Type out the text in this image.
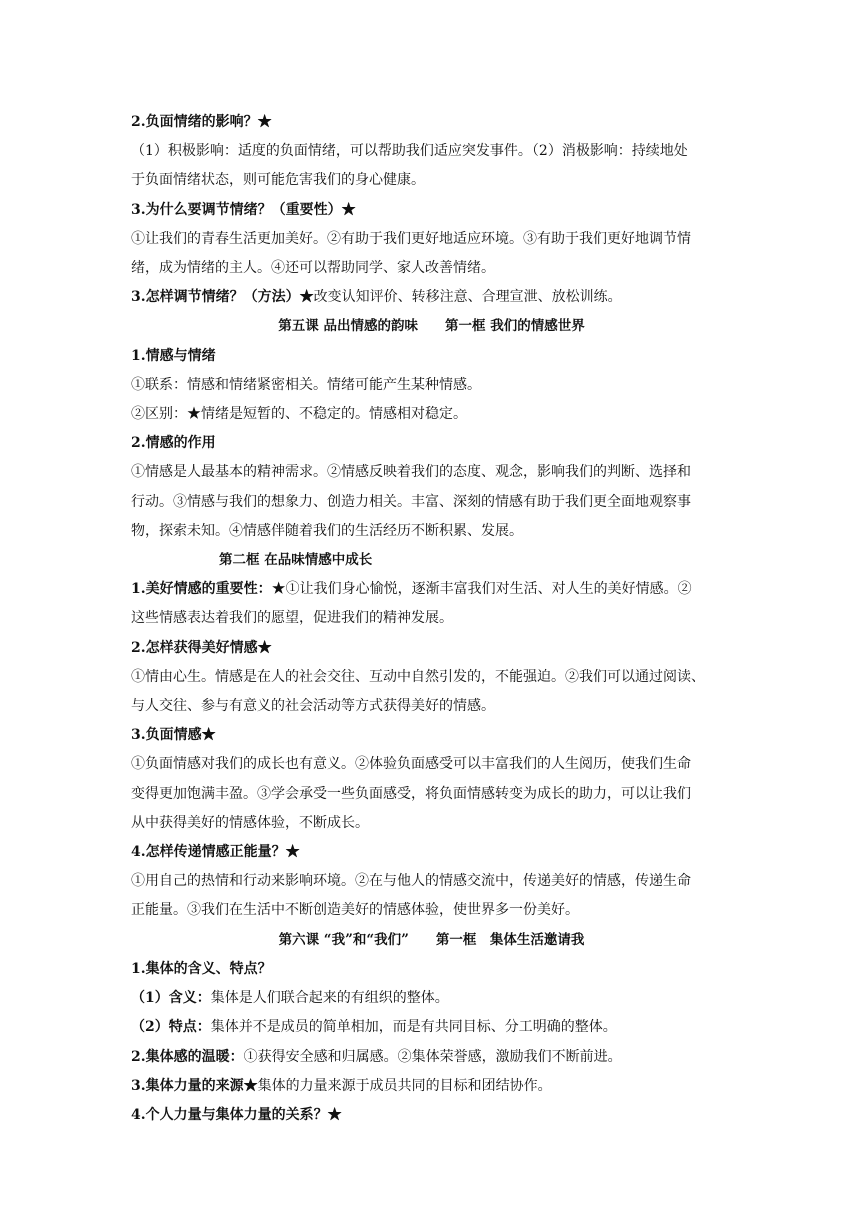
2.负面情绪的影响？★

（1）积极影响：适度的负面情绪，可以帮助我们适应突发事件。（2）消极影响：持续地处

于负面情绪状态，则可能危害我们的身心健康。

3.为什么要调节情绪？（重要性）★

①让我们的青春生活更加美好。②有助于我们更好地适应环境。③有助于我们更好地调节情

绪，成为情绪的主人。④还可以帮助同学、家人改善情绪。

3.怎样调节情绪？（方法）★改变认知评价、转移注意、合理宣泄、放松训练。

第五课 品出情感的韵味　　第一框 我们的情感世界

1.情感与情绪

①联系：情感和情绪紧密相关。情绪可能产生某种情感。

②区别：★情绪是短暂的、不稳定的。情感相对稳定。

2.情感的作用

①情感是人最基本的精神需求。②情感反映着我们的态度、观念，影响我们的判断、选择和

行动。③情感与我们的想象力、创造力相关。丰富、深刻的情感有助于我们更全面地观察事

物，探索未知。④情感伴随着我们的生活经历不断积累、发展。

第二框 在品味情感中成长

1.美好情感的重要性：★①让我们身心愉悦，逐渐丰富我们对生活、对人生的美好情感。②

这些情感表达着我们的愿望，促进我们的精神发展。

2.怎样获得美好情感★

①情由心生。情感是在人的社会交往、互动中自然引发的，不能强迫。②我们可以通过阅读、

与人交往、参与有意义的社会活动等方式获得美好的情感。

3.负面情感★

①负面情感对我们的成长也有意义。②体验负面感受可以丰富我们的人生阅历，使我们生命

变得更加饱满丰盈。③学会承受一些负面感受，将负面情感转变为成长的助力，可以让我们

从中获得美好的情感体验，不断成长。

4.怎样传递情感正能量？★

①用自己的热情和行动来影响环境。②在与他人的情感交流中，传递美好的情感，传递生命

正能量。③我们在生活中不断创造美好的情感体验，使世界多一份美好。

第六课 “我”和“我们”　　第一框　集体生活邀请我

1.集体的含义、特点？

（1）含义：集体是人们联合起来的有组织的整体。

（2）特点：集体并不是成员的简单相加，而是有共同目标、分工明确的整体。

2.集体感的温暖：①获得安全感和归属感。②集体荣誉感，激励我们不断前进。

3.集体力量的来源★集体的力量来源于成员共同的目标和团结协作。

4.个人力量与集体力量的关系？★
